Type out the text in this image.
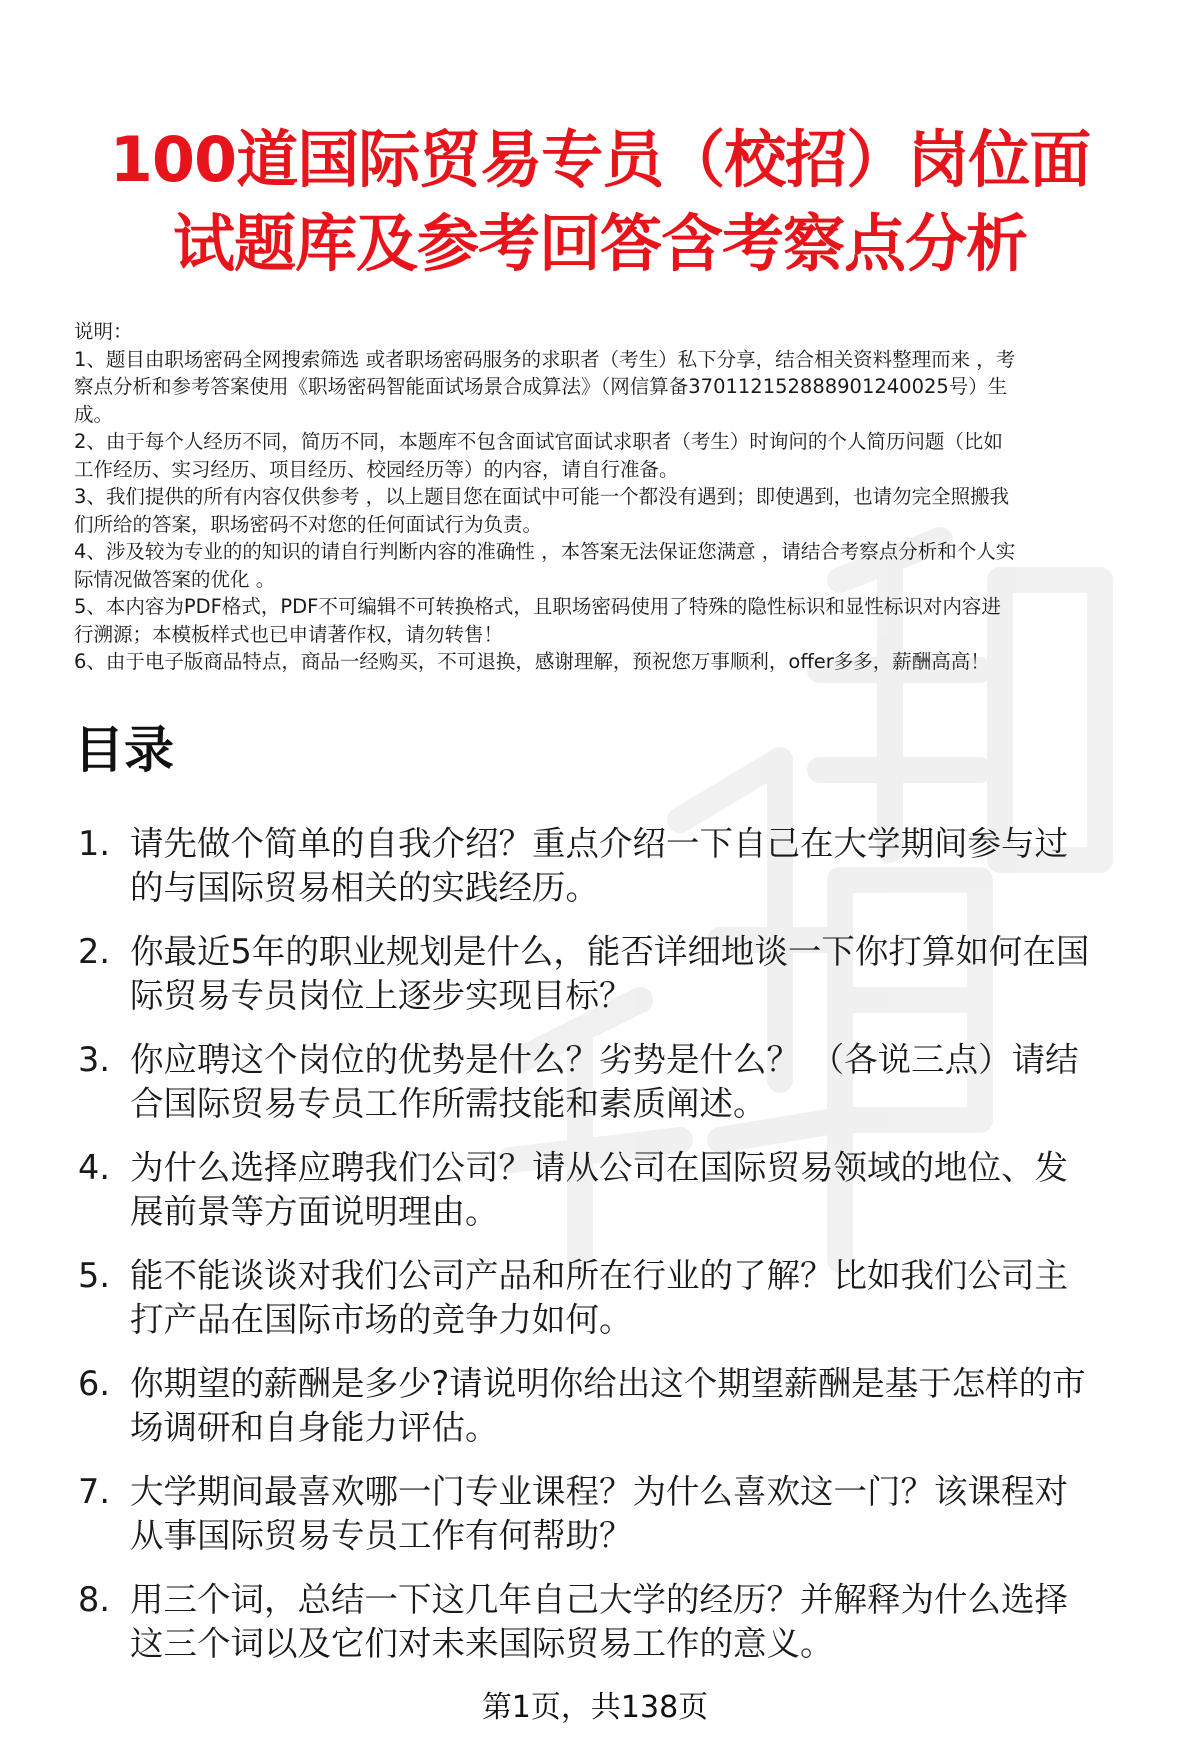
100道国际贸易专员（校招）岗位面
试题库及参考回答含考察点分析
说明：
1、题目由职场密码全网搜索筛选 或者职场密码服务的求职者（考生）私下分享，结合相关资料整理而来 ，考
察点分析和参考答案使用《职场密码智能面试场景合成算法》（网信算备370112152888901240025号）生
成。
2、由于每个人经历不同，简历不同，本题库不包含面试官面试求职者（考生）时询问的个人简历问题（比如
工作经历、实习经历、项目经历、校园经历等）的内容，请自行准备。
3、我们提供的所有内容仅供参考 ，以上题目您在面试中可能一个都没有遇到；即使遇到，也请勿完全照搬我
们所给的答案，职场密码不对您的任何面试行为负责。
4、涉及较为专业的的知识的请自行判断内容的准确性 ，本答案无法保证您满意 ，请结合考察点分析和个人实
际情况做答案的优化 。
5、本内容为PDF格式，PDF不可编辑不可转换格式，且职场密码使用了特殊的隐性标识和显性标识对内容进
行溯源；本模板样式也已申请著作权，请勿转售！
6、由于电子版商品特点，商品一经购买，不可退换，感谢理解，预祝您万事顺利，offer多多，薪酬高高！
目录
1. 请先做个简单的自我介绍？重点介绍一下自己在大学期间参与过
的与国际贸易相关的实践经历。
2. 你最近5年的职业规划是什么，能否详细地谈一下你打算如何在国
际贸易专员岗位上逐步实现目标？
3. 你应聘这个岗位的优势是什么？劣势是什么？ （各说三点）请结
合国际贸易专员工作所需技能和素质阐述。
4. 为什么选择应聘我们公司？请从公司在国际贸易领域的地位、发
展前景等方面说明理由。
5. 能不能谈谈对我们公司产品和所在行业的了解？比如我们公司主
打产品在国际市场的竞争力如何。
6. 你期望的薪酬是多少?请说明你给出这个期望薪酬是基于怎样的市
场调研和自身能力评估。
7. 大学期间最喜欢哪一门专业课程？为什么喜欢这一门？该课程对
从事国际贸易专员工作有何帮助？
8. 用三个词，总结一下这几年自己大学的经历？并解释为什么选择
这三个词以及它们对未来国际贸易工作的意义。
第1页，共138页
